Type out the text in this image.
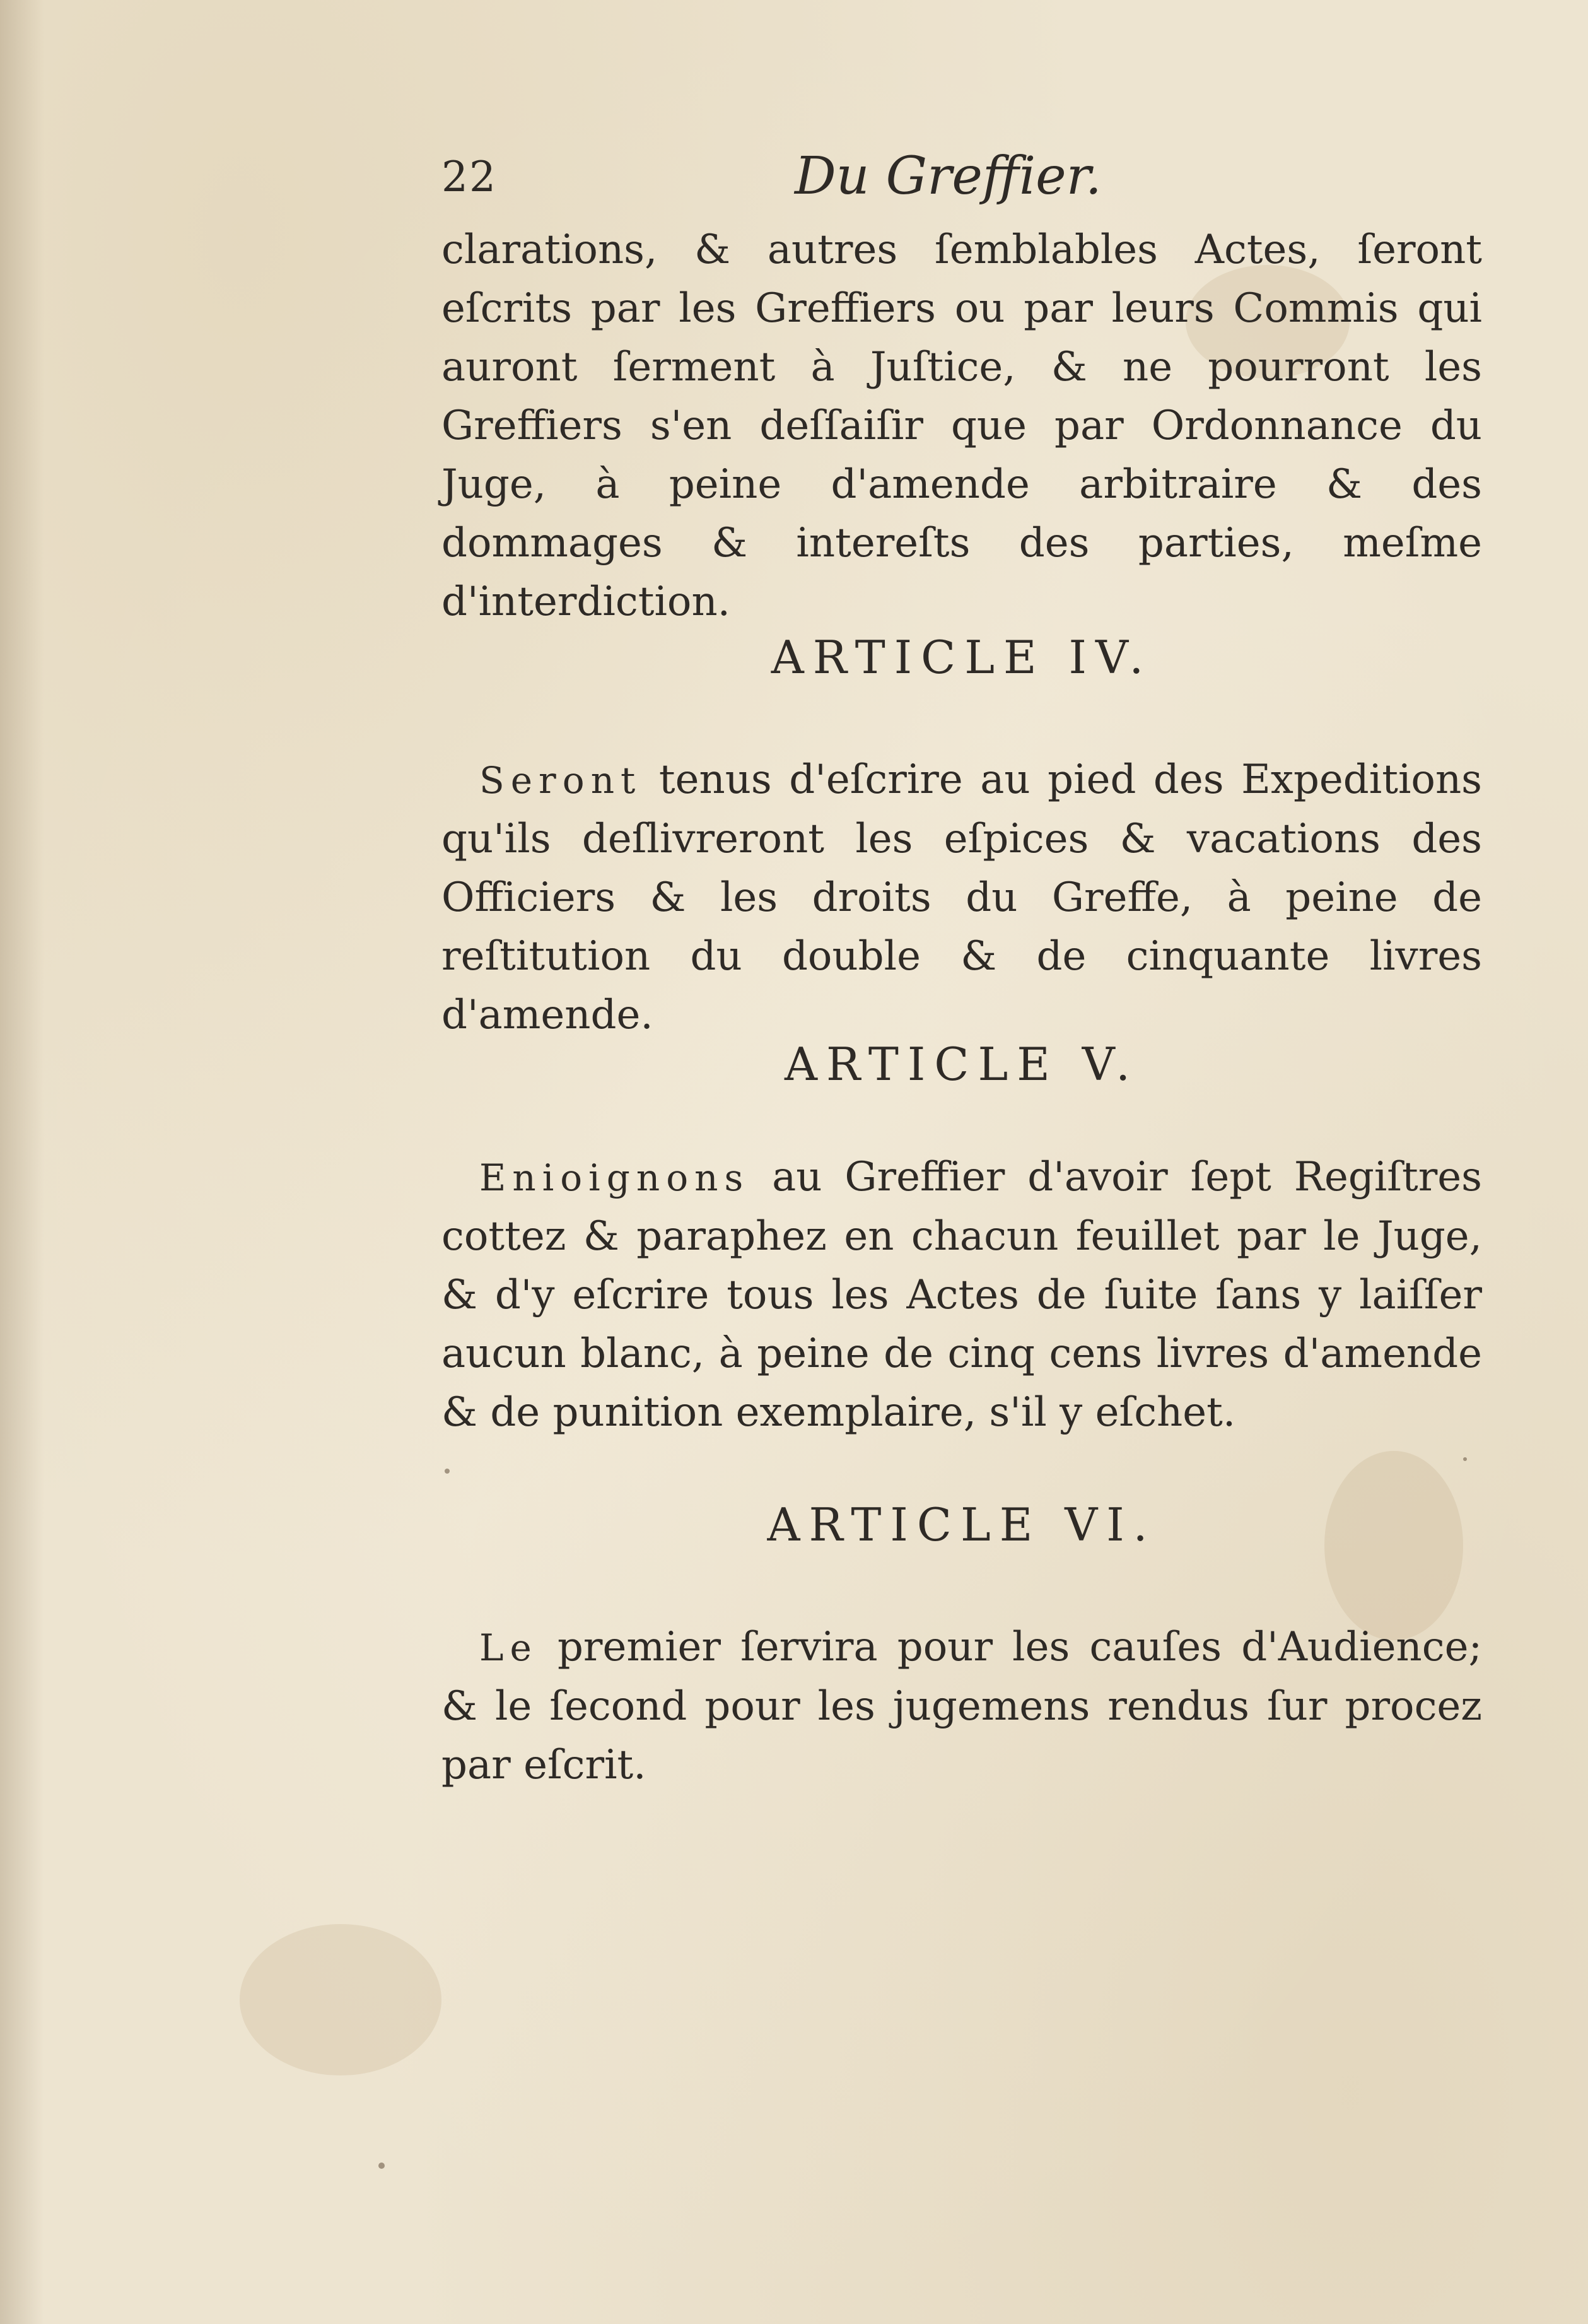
22	Du Greffier.

clarations, & autres ſemblables Actes, ſeront eſcrits par les Greffiers ou par leurs Commis qui auront ſerment à Juſtice, & ne pourront les Greffiers s'en deſſaiſir que par Ordonnance du Juge, à peine d'amende arbitraire & des dommages & intereſts des parties, meſme d'interdiction.

ARTICLE IV.

Seront tenus d'eſcrire au pied des Expeditions qu'ils deſlivreront les eſpices & vacations des Officiers & les droits du Greffe, à peine de reſtitution du double & de cinquante livres d'amende.

ARTICLE V.

Enioignons au Greffier d'avoir ſept Regiſtres cottez & paraphez en chacun feuillet par le Juge, & d'y eſcrire tous les Actes de ſuite ſans y laiſſer aucun blanc, à peine de cinq cens livres d'amende & de punition exemplaire, s'il y eſchet.

ARTICLE VI.

Le premier ſervira pour les cauſes d'Audience; & le ſecond pour les jugemens rendus ſur procez par eſcrit.
